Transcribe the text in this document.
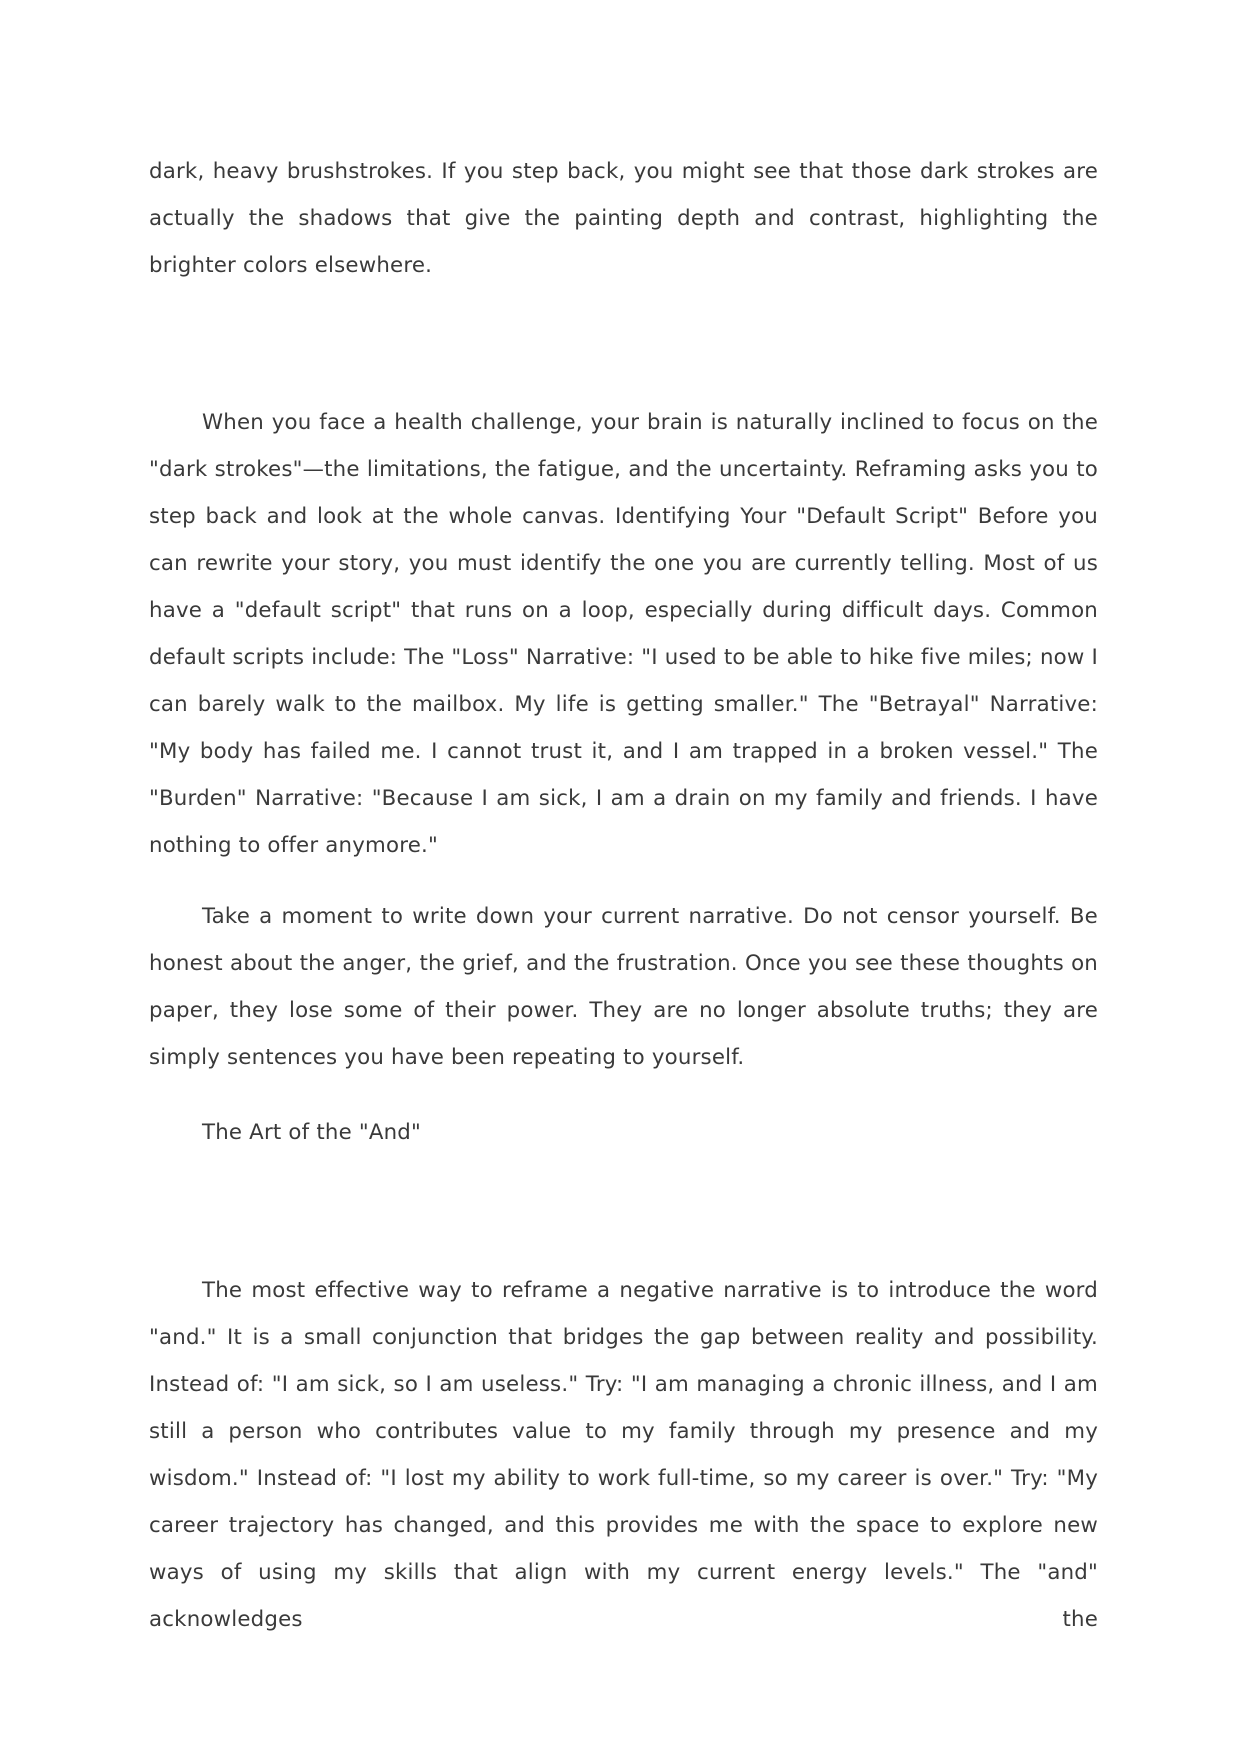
dark, heavy brushstrokes. If you step back, you might see that those dark strokes are actually the shadows that give the painting depth and contrast, highlighting the brighter colors elsewhere.

When you face a health challenge, your brain is naturally inclined to focus on the "dark strokes"—the limitations, the fatigue, and the uncertainty. Reframing asks you to step back and look at the whole canvas. Identifying Your "Default Script" Before you can rewrite your story, you must identify the one you are currently telling. Most of us have a "default script" that runs on a loop, especially during difficult days. Common default scripts include: The "Loss" Narrative: "I used to be able to hike five miles; now I can barely walk to the mailbox. My life is getting smaller." The "Betrayal" Narrative: "My body has failed me. I cannot trust it, and I am trapped in a broken vessel." The "Burden" Narrative: "Because I am sick, I am a drain on my family and friends. I have nothing to offer anymore."

Take a moment to write down your current narrative. Do not censor yourself. Be honest about the anger, the grief, and the frustration. Once you see these thoughts on paper, they lose some of their power. They are no longer absolute truths; they are simply sentences you have been repeating to yourself.

The Art of the "And"

The most effective way to reframe a negative narrative is to introduce the word "and." It is a small conjunction that bridges the gap between reality and possibility. Instead of: "I am sick, so I am useless." Try: "I am managing a chronic illness, and I am still a person who contributes value to my family through my presence and my wisdom." Instead of: "I lost my ability to work full-time, so my career is over." Try: "My career trajectory has changed, and this provides me with the space to explore new ways of using my skills that align with my current energy levels." The "and" acknowledges the
